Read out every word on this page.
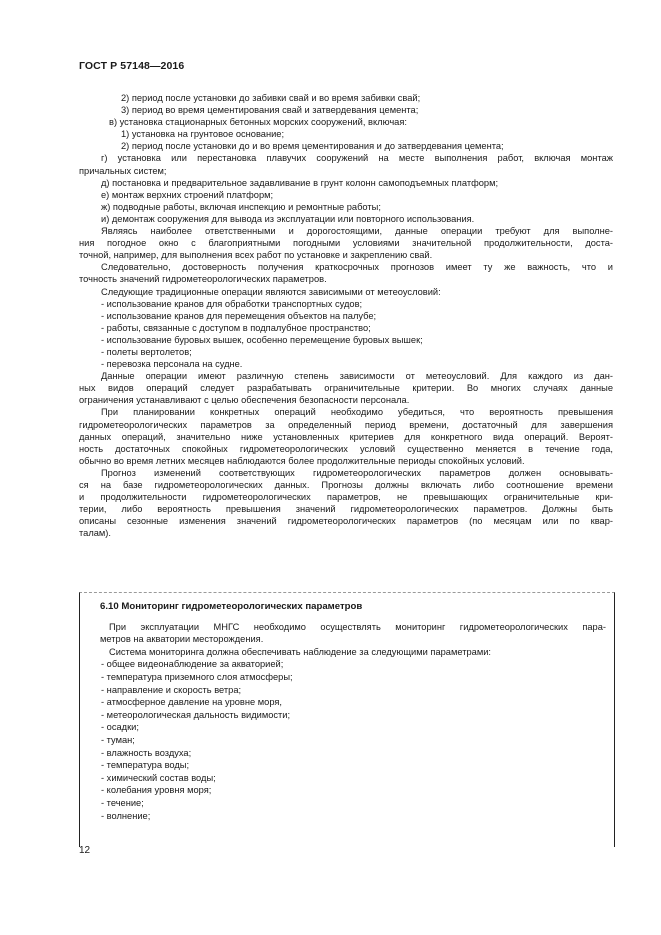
ГОСТ Р 57148—2016

2) период после установки до забивки свай и во время забивки свай;

3) период во время цементирования свай и затвердевания цемента;

в) установка стационарных бетонных морских сооружений, включая:

1) установка на грунтовое основание;

2) период после установки до и во время цементирования и до затвердевания цемента;

г) установка или перестановка плавучих сооружений на месте выполнения работ, включая монтаж

причальных систем;

д) постановка и предварительное задавливание в грунт колонн самоподъемных платформ;

е) монтаж верхних строений платформ;

ж) подводные работы, включая инспекцию и ремонтные работы;

и) демонтаж сооружения для вывода из эксплуатации или повторного использования.

Являясь наиболее ответственными и дорогостоящими, данные операции требуют для выполне-

ния погодное окно с благоприятными погодными условиями значительной продолжительности, доста-

точной, например, для выполнения всех работ по установке и закреплению свай.

Следовательно, достоверность получения краткосрочных прогнозов имеет ту же важность, что и

точность значений гидрометеорологических параметров.

Следующие традиционные операции являются зависимыми от метеоусловий:

- использование кранов для обработки транспортных судов;

- использование кранов для перемещения объектов на палубе;

- работы, связанные с доступом в подпалубное пространство;

- использование буровых вышек, особенно перемещение буровых вышек;

- полеты вертолетов;

- перевозка персонала на судне.

Данные операции имеют различную степень зависимости от метеоусловий. Для каждого из дан-

ных видов операций следует разрабатывать ограничительные критерии. Во многих случаях данные

ограничения устанавливают с целью обеспечения безопасности персонала.

При планировании конкретных операций необходимо убедиться, что вероятность превышения

гидрометеорологических параметров за определенный период времени, достаточный для завершения

данных операций, значительно ниже установленных критериев для конкретного вида операций. Вероят-

ность достаточных спокойных гидрометеорологических условий существенно меняется в течение года,

обычно во время летних месяцев наблюдаются более продолжительные периоды спокойных условий.

Прогноз изменений соответствующих гидрометеорологических параметров должен основывать-

ся на базе гидрометеорологических данных. Прогнозы должны включать либо соотношение времени

и продолжительности гидрометеорологических параметров, не превышающих ограничительные кри-

терии, либо вероятность превышения значений гидрометеорологических параметров. Должны быть

описаны сезонные изменения значений гидрометеорологических параметров (по месяцам или по квар-

талам).

6.10 Мониторинг гидрометеорологических параметров

При эксплуатации МНГС необходимо осуществлять мониторинг гидрометеорологических пара-

метров на акватории месторождения.

Система мониторинга должна обеспечивать наблюдение за следующими параметрами:

- общее видеонаблюдение за акваторией;

- температура приземного слоя атмосферы;

- направление и скорость ветра;

- атмосферное давление на уровне моря,

- метеорологическая дальность видимости;

- осадки;

- туман;

- влажность воздуха;

- температура воды;

- химический состав воды;

- колебания уровня моря;

- течение;

- волнение;

12
